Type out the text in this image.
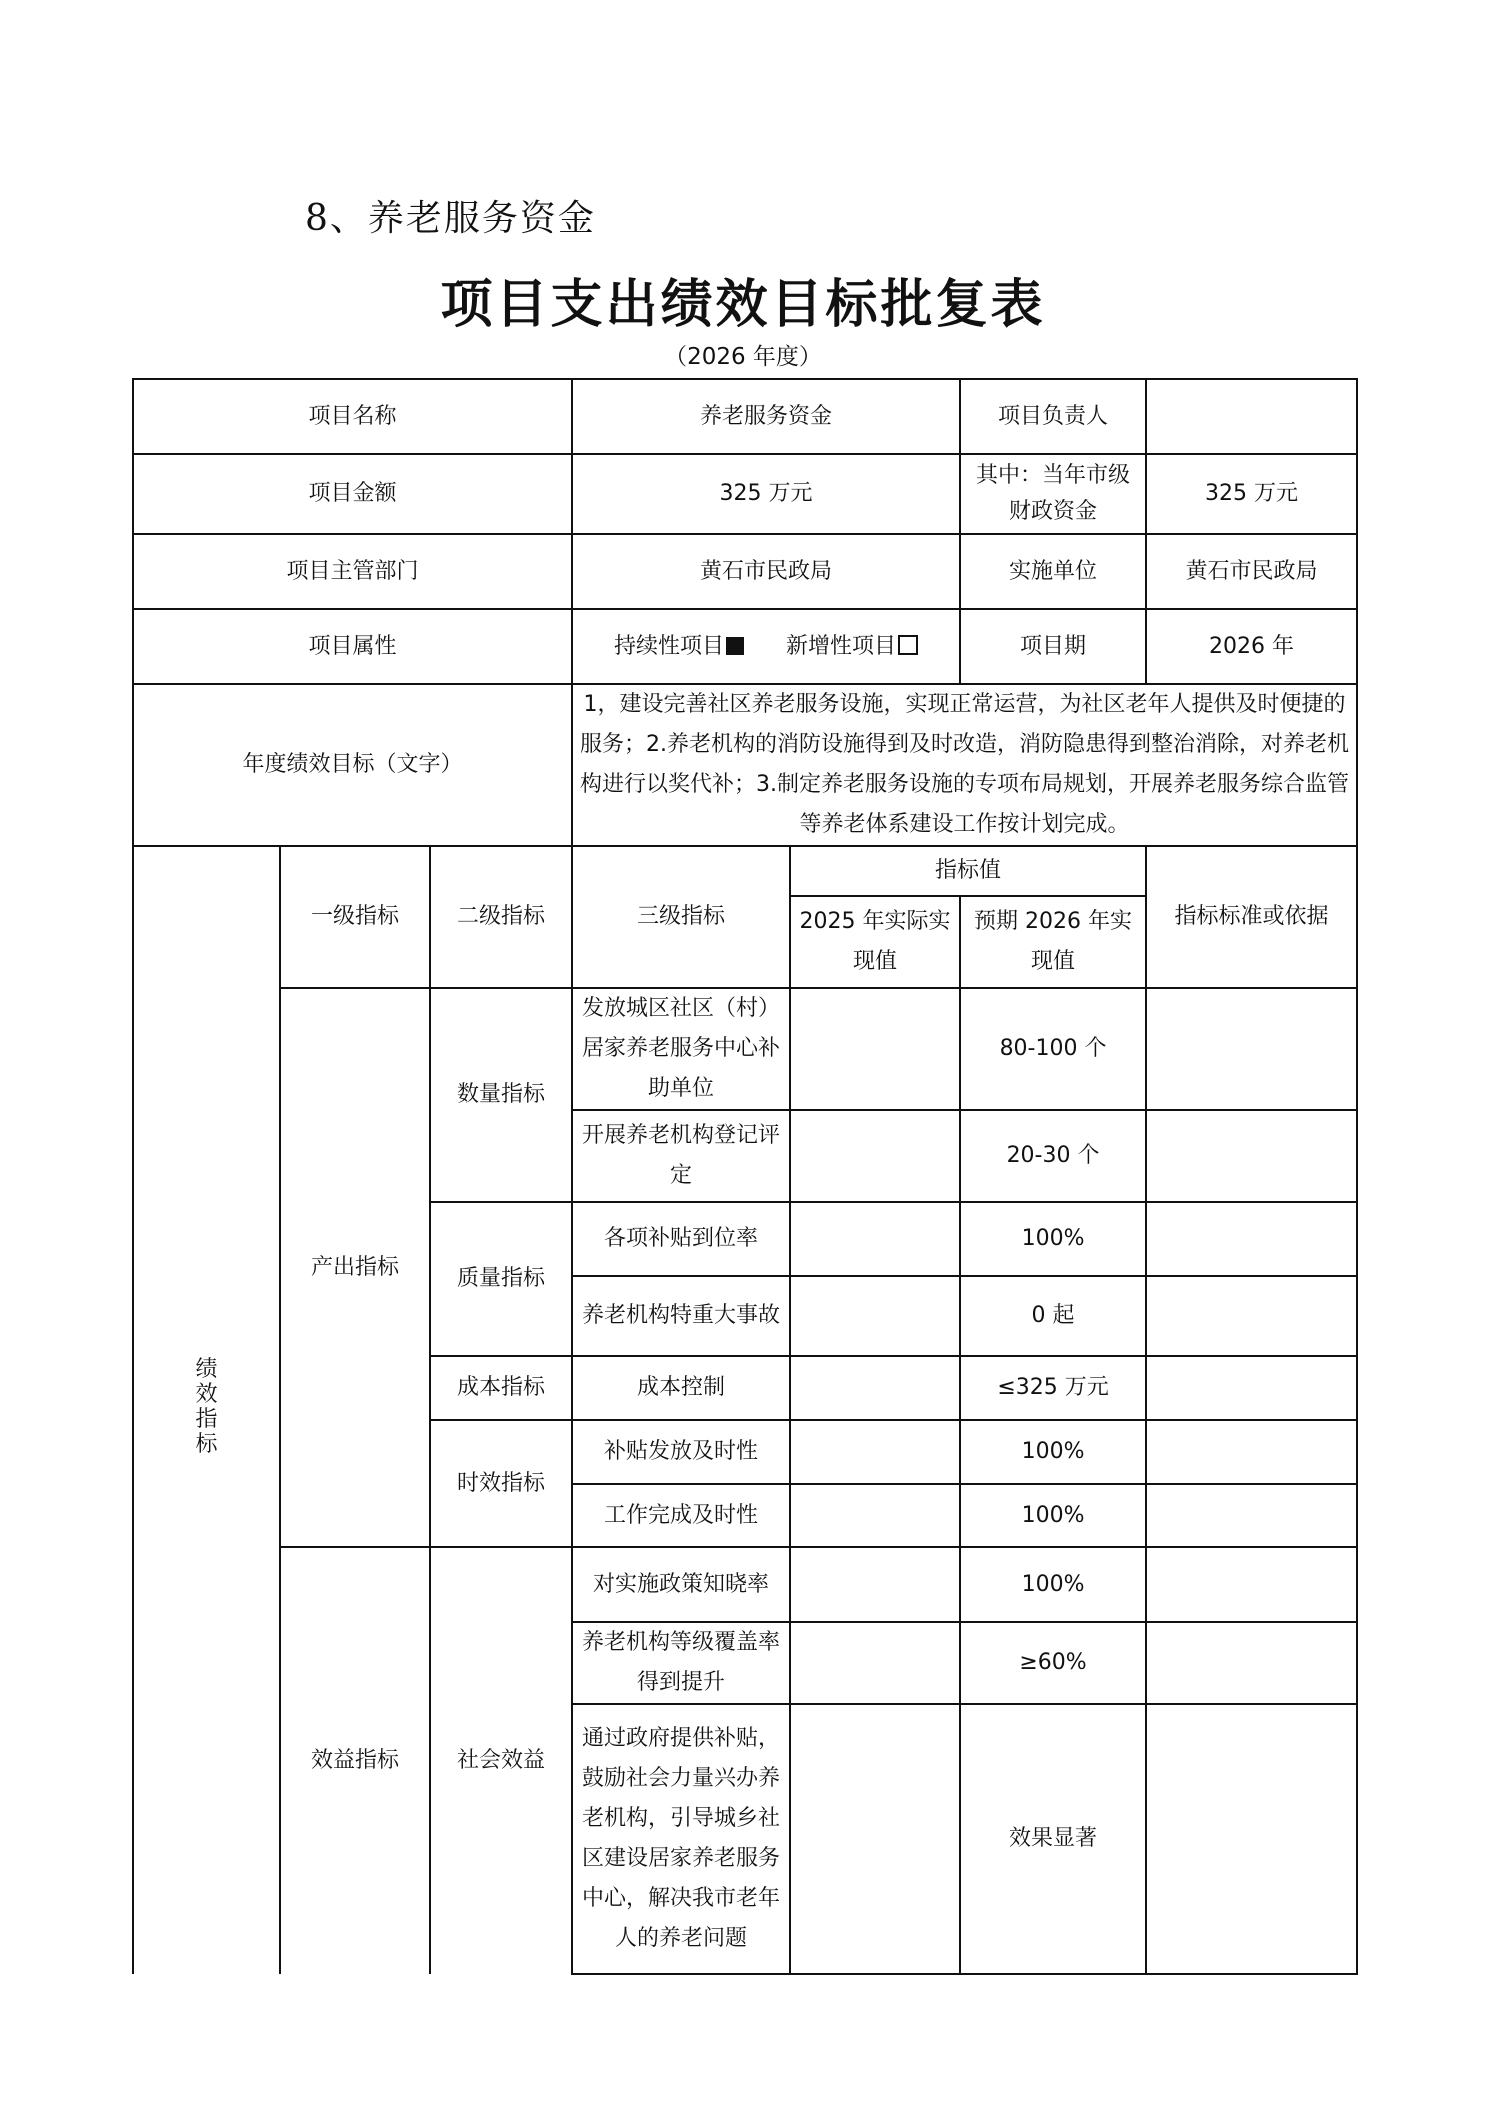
8、养老服务资金
项目支出绩效目标批复表
（2026 年度）
项目名称			养老服务资金		项目负责人	
项目金额			325 万元		其中：当年市级财政资金	325 万元
项目主管部门			黄石市民政局		实施单位	黄石市民政局
项目属性			持续性项目 新增性项目		项目期	2026 年
年度绩效目标（文字）			1，建设完善社区养老服务设施，实现正常运营，为社区老年人提供及时便捷的服务；2.养老机构的消防设施得到及时改造，消防隐患得到整治消除，对养老机构进行以奖代补；3.制定养老服务设施的专项布局规划，开展养老服务综合监管等养老体系建设工作按计划完成。			
绩效指标	一级指标	二级指标	三级指标	指标值		指标标准或依据
				2025 年实际实现值	预期 2026 年实现值	
	产出指标	数量指标	发放城区社区（村）居家养老服务中心补助单位		80-100 个	
			开展养老机构登记评定		20-30 个	
		质量指标	各项补贴到位率		100%	
			养老机构特重大事故		0 起	
		成本指标	成本控制		≤325 万元	
		时效指标	补贴发放及时性		100%	
			工作完成及时性		100%	
	效益指标	社会效益	对实施政策知晓率		100%	
			养老机构等级覆盖率得到提升		≥60%	
			通过政府提供补贴，鼓励社会力量兴办养老机构，引导城乡社区建设居家养老服务中心，解决我市老年人的养老问题		效果显著	
